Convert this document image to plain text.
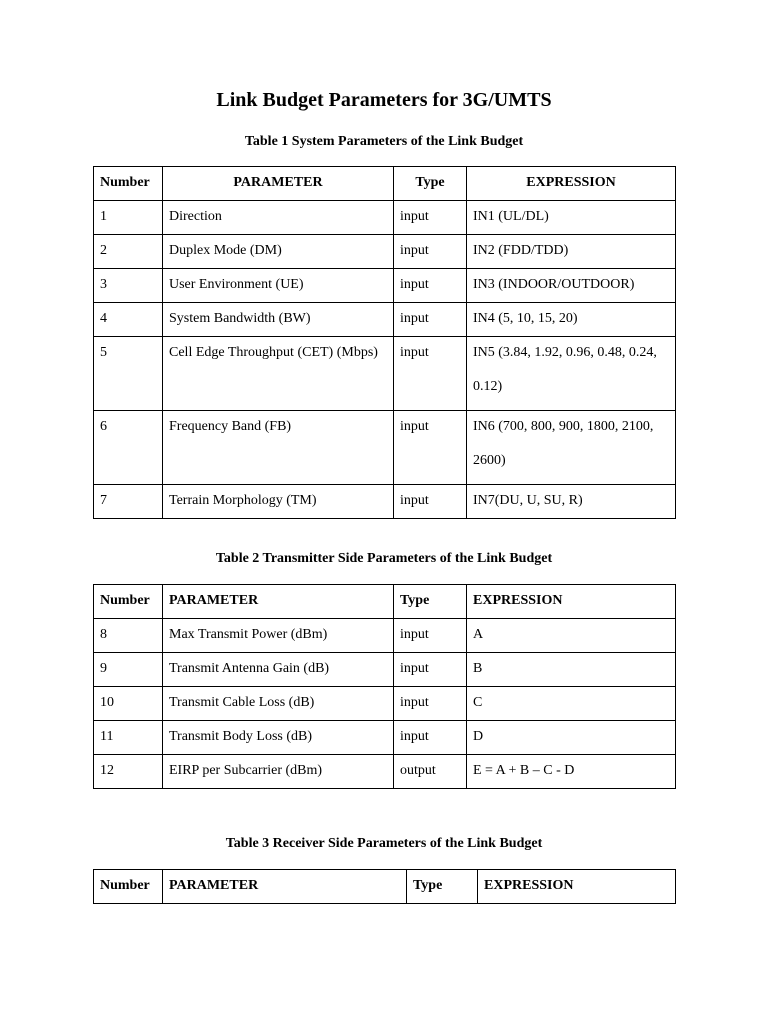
Link Budget Parameters for 3G/UMTS
Table 1 System Parameters of the Link Budget
Number	PARAMETER	Type	EXPRESSION
1	Direction	input	IN1 (UL/DL)
2	Duplex Mode (DM)	input	IN2 (FDD/TDD)
3	User Environment (UE)	input	IN3 (INDOOR/OUTDOOR)
4	System Bandwidth (BW)	input	IN4 (5, 10, 15, 20)
5	Cell Edge Throughput (CET) (Mbps)	input	IN5 (3.84, 1.92, 0.96, 0.48, 0.24, 0.12)

6	Frequency Band (FB)	input	IN6 (700, 800, 900, 1800, 2100, 2600)

7	Terrain Morphology (TM)	input	IN7(DU, U, SU, R)
Table 2 Transmitter Side Parameters of the Link Budget
Number	PARAMETER	Type	EXPRESSION
8	Max Transmit Power (dBm)	input	A
9	Transmit Antenna Gain (dB)	input	B
10	Transmit Cable Loss (dB)	input	C
11	Transmit Body Loss (dB)	input	D
12	EIRP per Subcarrier (dBm)	output	E = A + B – C - D
Table 3 Receiver Side Parameters of the Link Budget
Number	PARAMETER	Type	EXPRESSION
